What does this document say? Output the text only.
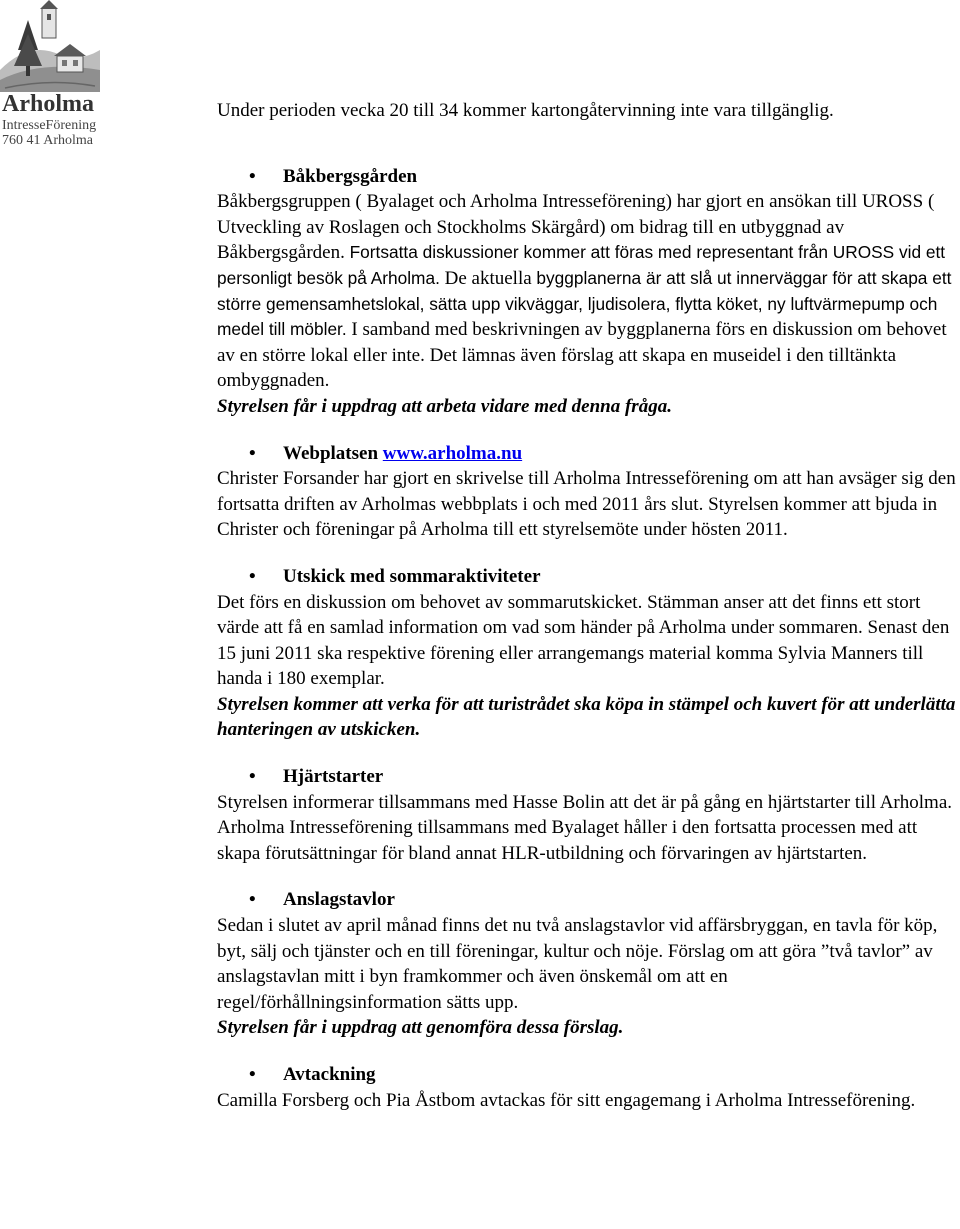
Arholma
IntresseFörening
760 41 Arholma

Under perioden vecka 20 till 34 kommer kartongåtervinning inte vara tillgänglig.

• Båkbergsgården

Båkbergsgruppen ( Byalaget och Arholma Intresseförening) har gjort en ansökan till UROSS ( Utveckling av Roslagen och Stockholms Skärgård) om bidrag till en utbyggnad av Båkbergsgården. Fortsatta diskussioner kommer att föras med representant från UROSS vid ett personligt besök på Arholma. De aktuella byggplanerna är att slå ut innerväggar för att skapa ett större gemensamhetslokal, sätta upp vikväggar, ljudisolera, flytta köket, ny luftvärmepump och medel till möbler. I samband med beskrivningen av byggplanerna förs en diskussion om behovet av en större lokal eller inte. Det lämnas även förslag att skapa en museidel i den tilltänkta ombyggnaden.

Styrelsen får i uppdrag att arbeta vidare med denna fråga.

• Webplatsen www.arholma.nu

Christer Forsander har gjort en skrivelse till Arholma Intresseförening om att han avsäger sig den fortsatta driften av Arholmas webbplats i och med 2011 års slut. Styrelsen kommer att bjuda in Christer och föreningar på Arholma till ett styrelsemöte under hösten 2011.

• Utskick med sommaraktiviteter

Det förs en diskussion om behovet av sommarutskicket. Stämman anser att det finns ett stort värde att få en samlad information om vad som händer på Arholma under sommaren. Senast den 15 juni 2011 ska respektive förening eller arrangemangs material komma Sylvia Manners till handa i 180 exemplar.

Styrelsen kommer att verka för att turistrådet ska köpa in stämpel och kuvert för att underlätta hanteringen av utskicken.

• Hjärtstarter

Styrelsen informerar tillsammans med Hasse Bolin att det är på gång en hjärtstarter till Arholma. Arholma Intresseförening tillsammans med Byalaget håller i den fortsatta processen med att skapa förutsättningar för bland annat HLR-utbildning och förvaringen av hjärtstarten.

• Anslagstavlor

Sedan i slutet av april månad finns det nu två anslagstavlor vid affärsbryggan, en tavla för köp, byt, sälj och tjänster och en till föreningar, kultur och nöje. Förslag om att göra ”två tavlor” av anslagstavlan mitt i byn framkommer och även önskemål om att en regel/förhållningsinformation sätts upp.

Styrelsen får i uppdrag att genomföra dessa förslag.

• Avtackning

Camilla Forsberg och Pia Åstbom avtackas för sitt engagemang i Arholma Intresseförening.
